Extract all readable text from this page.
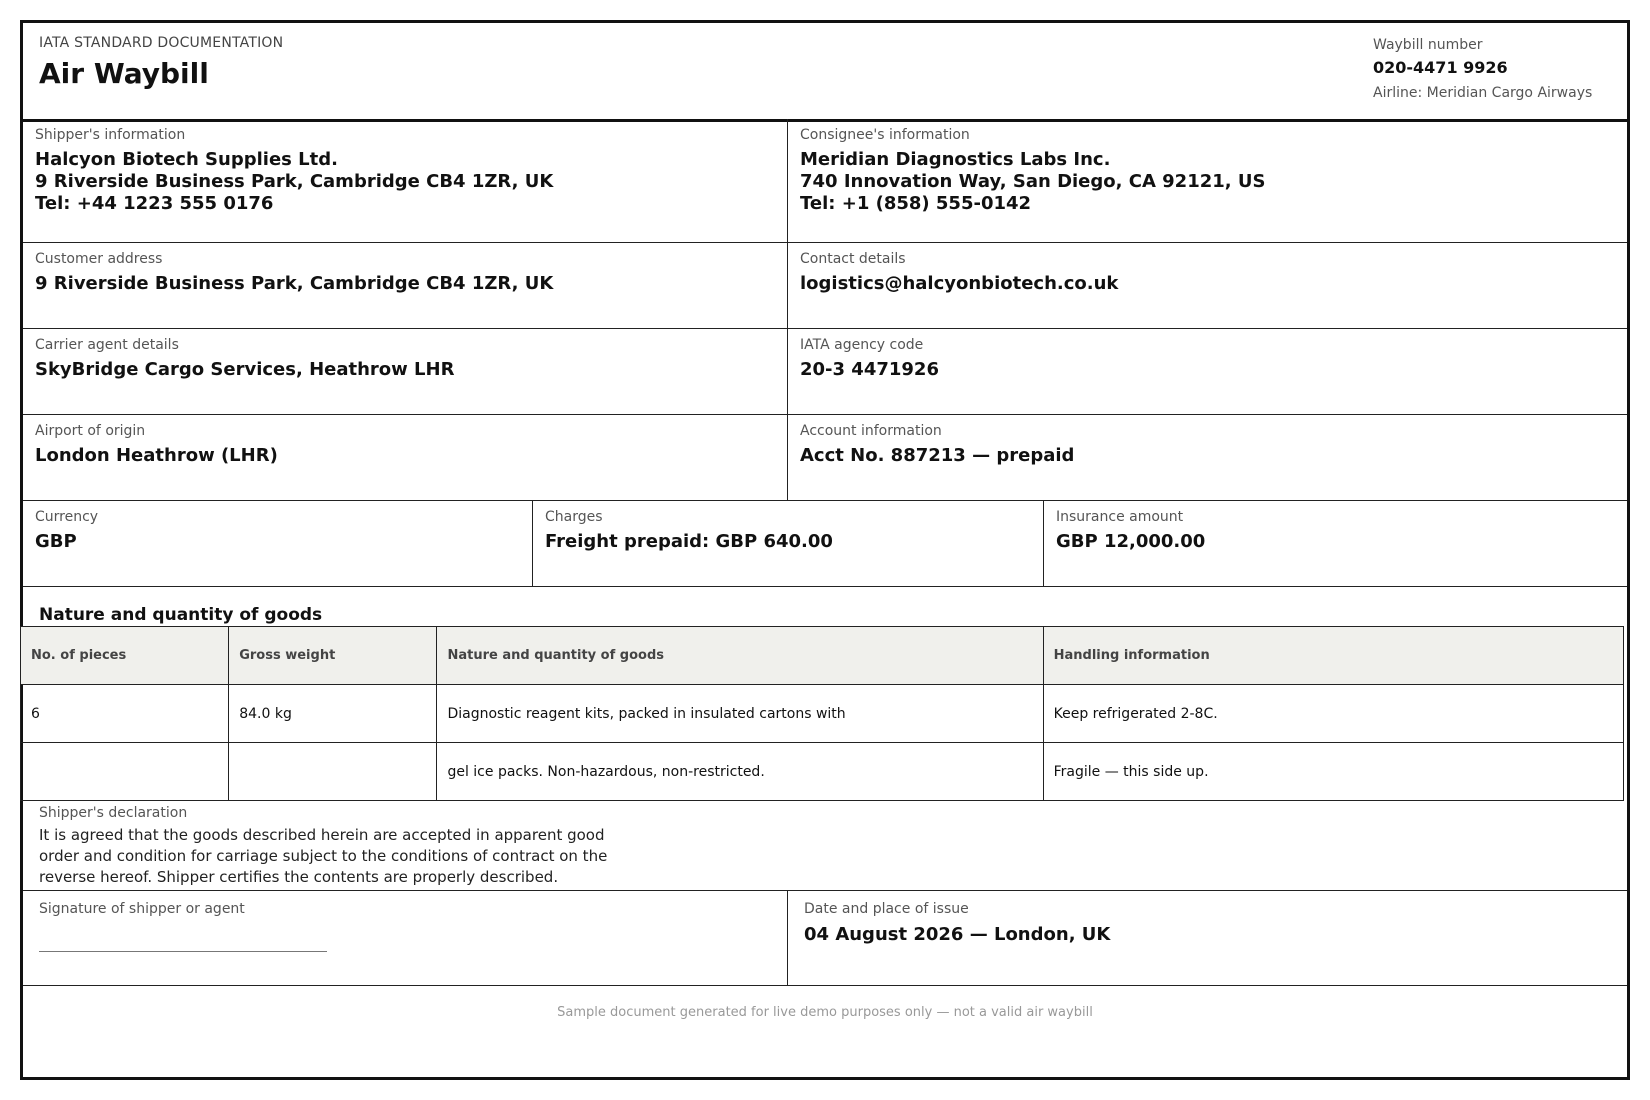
IATA STANDARD DOCUMENTATION
Air Waybill
Waybill number
020-4471 9926
Airline: Meridian Cargo Airways
Shipper's information
Halcyon Biotech Supplies Ltd.
9 Riverside Business Park, Cambridge CB4 1ZR, UK
Tel: +44 1223 555 0176
Consignee's information
Meridian Diagnostics Labs Inc.
740 Innovation Way, San Diego, CA 92121, US
Tel: +1 (858) 555-0142
Customer address
9 Riverside Business Park, Cambridge CB4 1ZR, UK
Contact details
logistics@halcyonbiotech.co.uk
Carrier agent details
SkyBridge Cargo Services, Heathrow LHR
IATA agency code
20-3 4471926
Airport of origin
London Heathrow (LHR)
Account information
Acct No. 887213 — prepaid
Currency
GBP
Charges
Freight prepaid: GBP 640.00
Insurance amount
GBP 12,000.00
Nature and quantity of goods
No. of pieces	Gross weight	Nature and quantity of goods	Handling information
6	84.0 kg	Diagnostic reagent kits, packed in insulated cartons with	Keep refrigerated 2-8C.
		gel ice packs. Non-hazardous, non-restricted.	Fragile — this side up.
Shipper's declaration
It is agreed that the goods described herein are accepted in apparent good order and condition for carriage subject to the conditions of contract on the reverse hereof. Shipper certifies the contents are properly described.
Signature of shipper or agent	Date and place of issue
04 August 2026 — London, UK
Sample document generated for live demo purposes only — not a valid air waybill
